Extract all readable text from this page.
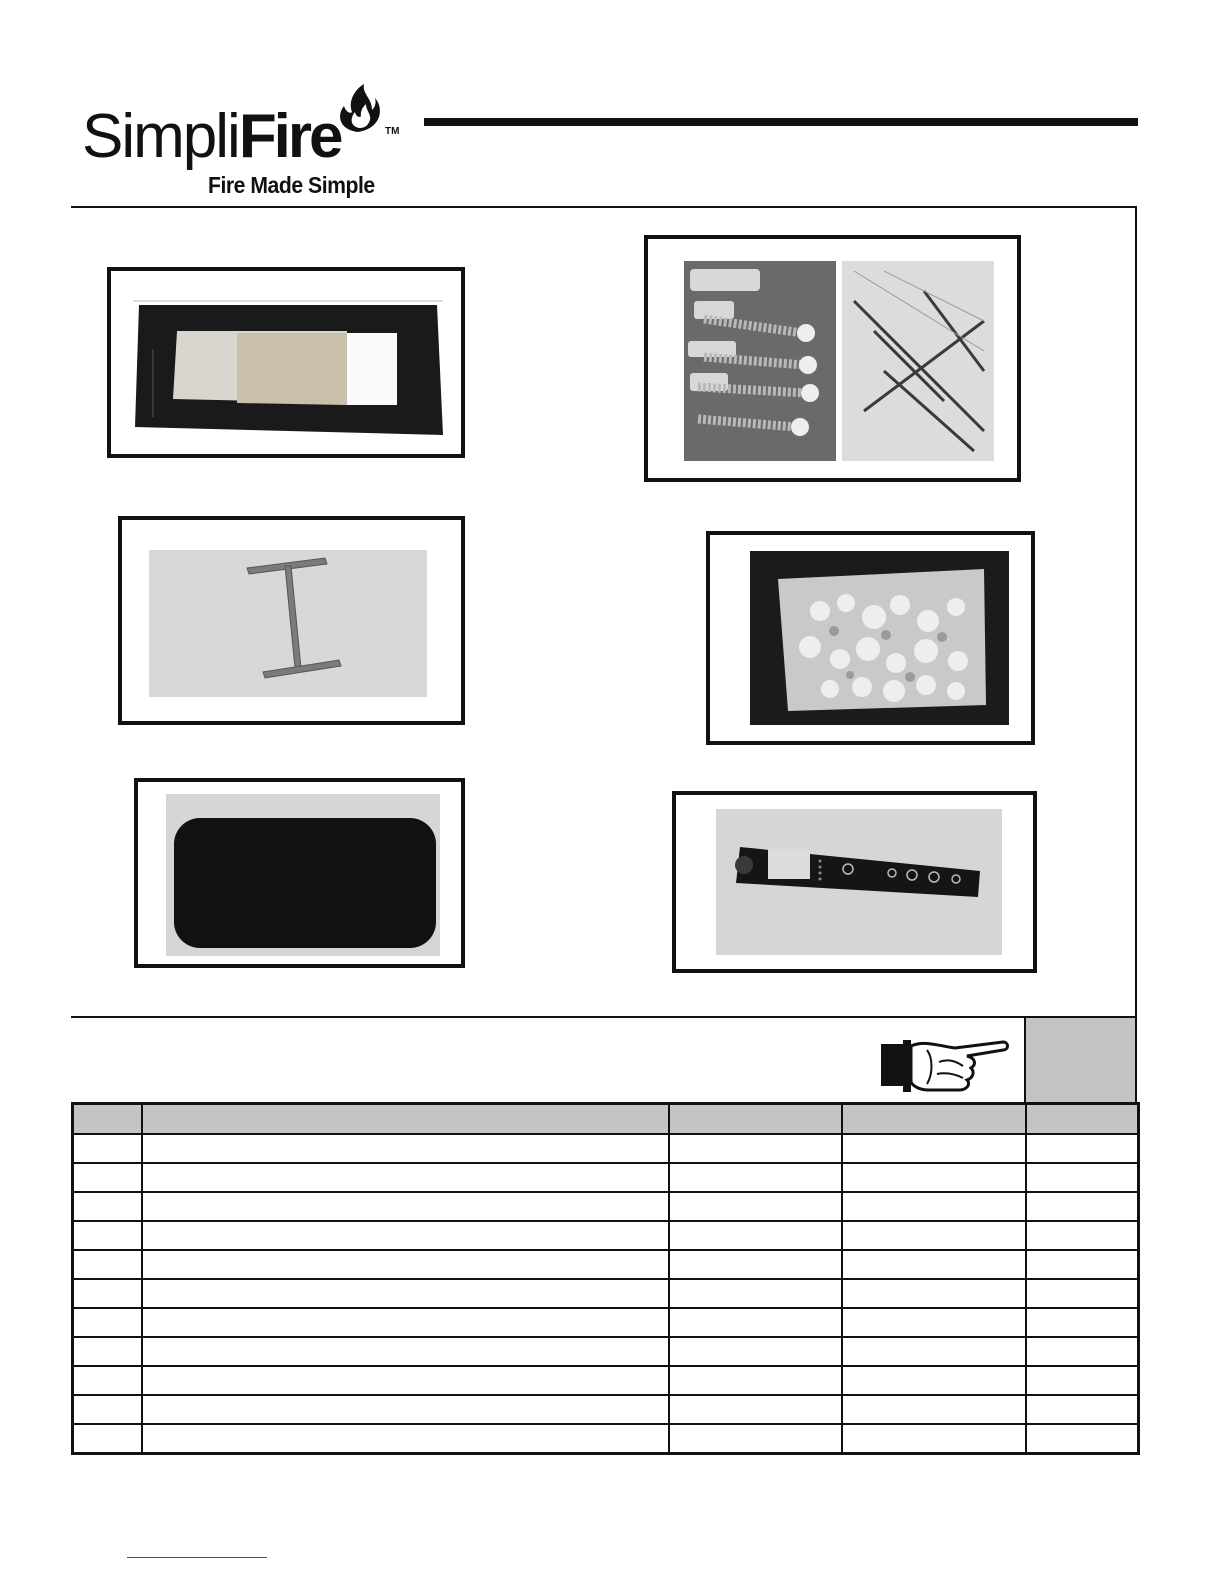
SimpliFire	TM
Fire Made Simple
